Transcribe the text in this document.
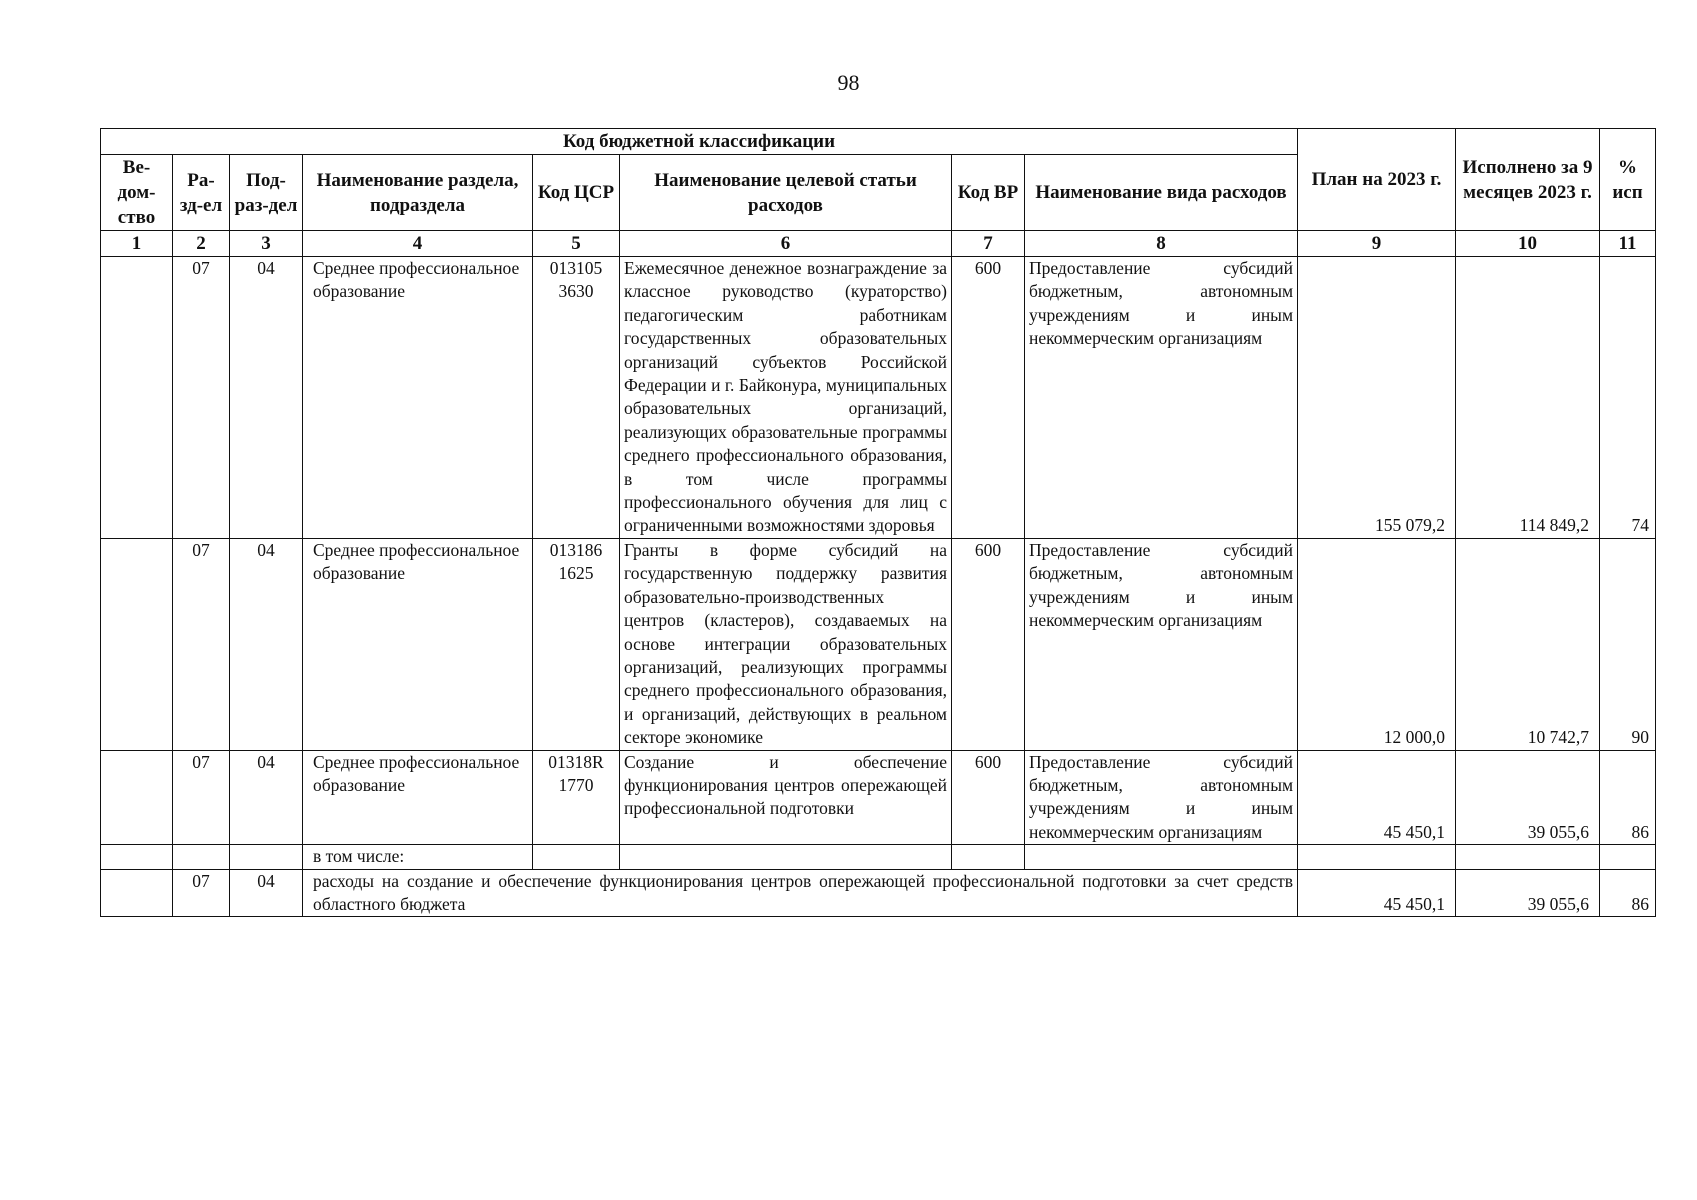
98
Код бюджетной классификации								План на 2023 г.	Исполнено за 9 месяцев 2023 г.	% исп
Ве-дом-ство	Ра-зд-ел	Под-раз-дел	Наименование раздела, подраздела	Код ЦСР	Наименование целевой статьи расходов	Код ВР	Наименование вида расходов			
1	2	3	4	5	6	7	8	9	10	11
	07	04	Среднее профессиональное образование	013105 3630	Ежемесячное денежное вознаграждение за классное руководство (кураторство) педагогическим работникам государственных образовательных организаций субъектов Российской Федерации и г. Байконура, муниципальных образовательных организаций, реализующих образовательные программы среднего профессионального образования, в том числе программы профессионального обучения для лиц с ограниченными возможностями здоровья	600	Предоставление субсидий бюджетным, автономным учреждениям и иным некоммерческим организациям	155 079,2	114 849,2	74
	07	04	Среднее профессиональное образование	013186 1625	Гранты в форме субсидий на государственную поддержку развития образовательно-производственных центров (кластеров), создаваемых на основе интеграции образовательных организаций, реализующих программы среднего профессионального образования, и организаций, действующих в реальном секторе экономике	600	Предоставление субсидий бюджетным, автономным учреждениям и иным некоммерческим организациям	12 000,0	10 742,7	90
	07	04	Среднее профессиональное образование	01318R 1770	Создание и обеспечение функционирования центров опережающей профессиональной подготовки	600	Предоставление субсидий бюджетным, автономным учреждениям и иным некоммерческим организациям	45 450,1	39 055,6	86
			в том числе:							
	07	04	расходы на создание и обеспечение функционирования центров опережающей профессиональной подготовки за счет средств областного бюджета					45 450,1	39 055,6	86
